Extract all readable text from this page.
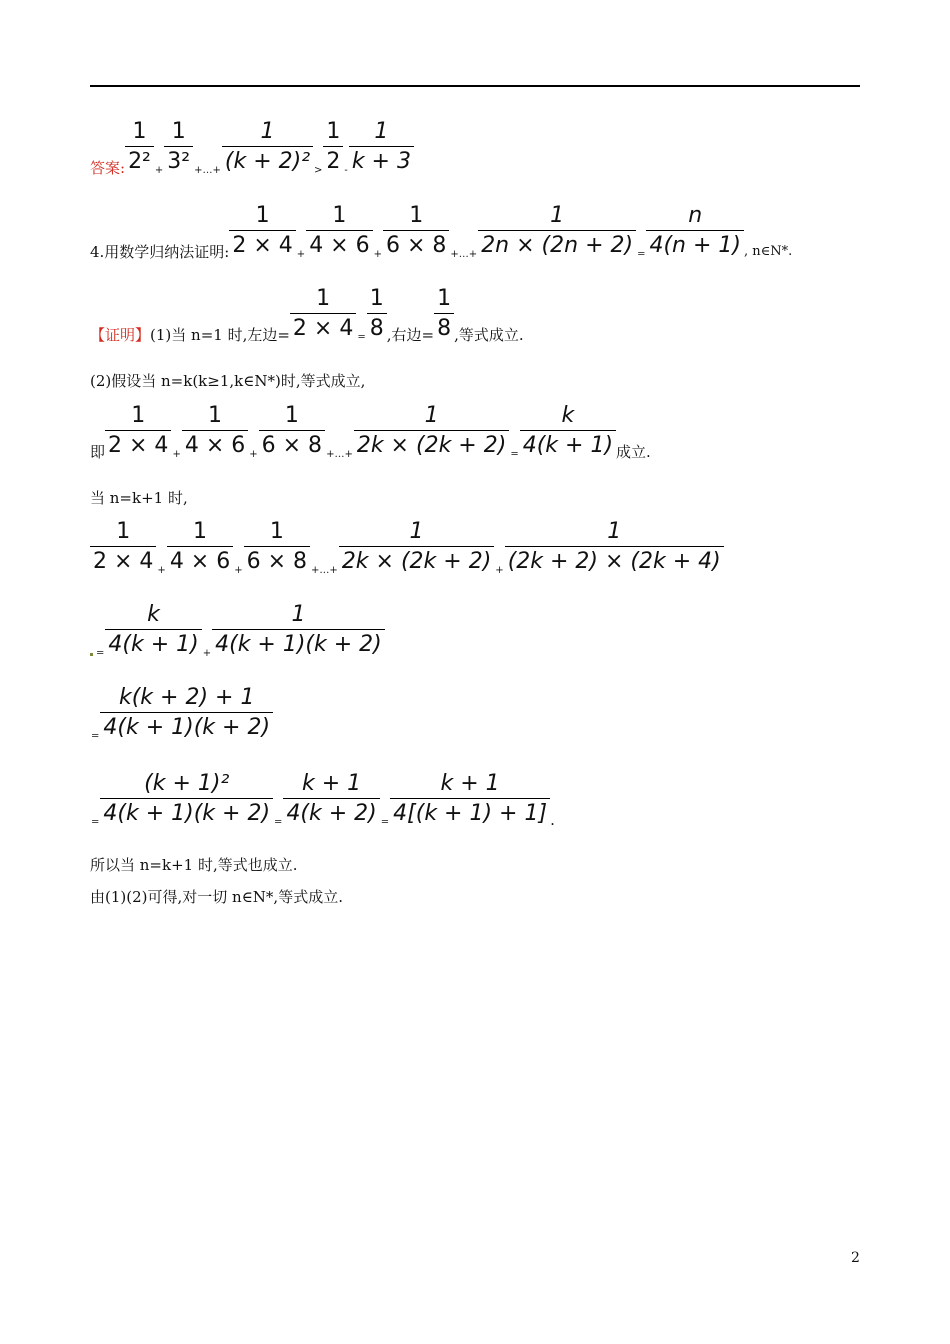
答案: $\frac{1}{\text{2²}} + \frac{1}{\text{3²}}$ +…+ $\frac{1}{\text{(k + 2)²}} > \frac{1}{2} - \frac{1}{k + 3}$
4.用数学归纳法证明: $\frac{1}{2 \times 4} + \frac{1}{4 \times 6} + \frac{1}{6 \times 8}$ +…+ $\frac{1}{2n \times (2n + 2)} = \frac{n}{4(n + 1)}$ , n∈N*.
【证明】 (1)当 n=1 时,左边= $\frac{1}{2 \times 4} = \frac{1}{8}$ ,右边= $\frac{1}{8}$ ,等式成立.
(2)假设当 n=k(k≥1,k∈N*)时,等式成立,
即 $\frac{1}{2 \times 4} + \frac{1}{4 \times 6} + \frac{1}{6 \times 8}$ +…+ $\frac{1}{2k \times (2k + 2)} = \frac{k}{4(k + 1)}$ 成立.
当 n=k+1 时,
$\frac{1}{2 \times 4} + \frac{1}{4 \times 6} + \frac{1}{6 \times 8}$ +…+ $\frac{1}{2k \times (2k + 2)} + \frac{1}{(2k + 2) \times (2k + 4)}$
= $\frac{k}{4(k + 1)} + \frac{1}{4(k + 1)(k + 2)}$
= $\frac{k(k + 2) + 1}{4(k + 1)(k + 2)}$
= $\frac{\text{(k + 1)²}}{4(k + 1)(k + 2)} = \frac{k + 1}{4(k + 2)} = \frac{k + 1}{4[(k + 1) + 1]}$ .
所以当 n=k+1 时,等式也成立.
由(1)(2)可得,对一切 n∈N*,等式成立.
2
